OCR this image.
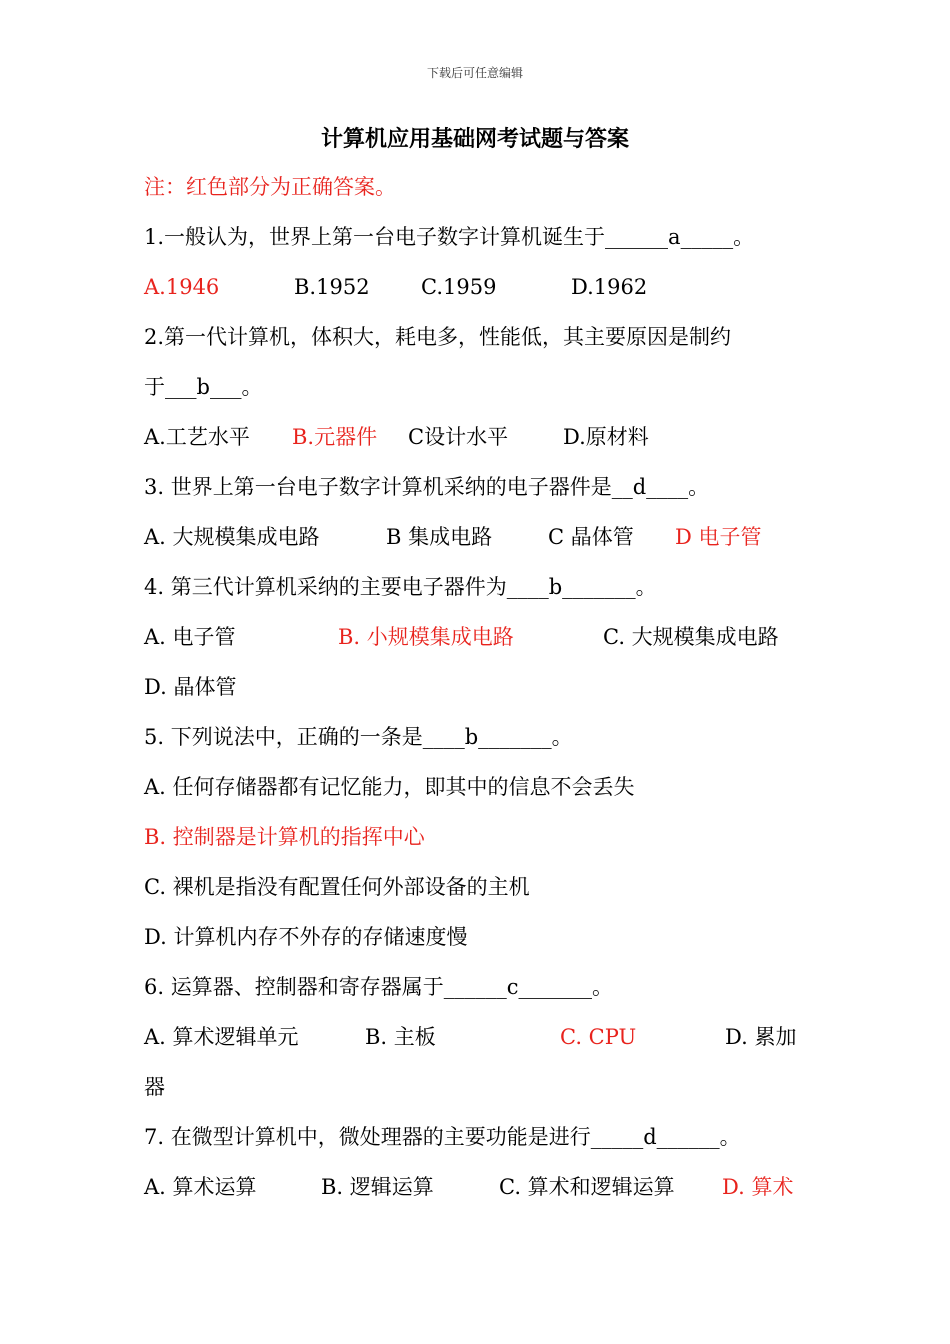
下载后可任意编辑
计算机应用基础网考试题与答案
注：红色部分为正确答案。
1.一般认为，世界上第一台电子数字计算机诞生于______a_____。
A.1946	B.1952 C.1959	D.1962
2.第一代计算机，体积大，耗电多，性能低，其主要原因是制约
于___b___。
A.工艺水平 B.元器件 C设计水平	D.原材料
3. 世界上第一台电子数字计算机采纳的电子器件是__d____。
A. 大规模集成电路	B 集成电路	C 晶体管 D 电子管
4. 第三代计算机采纳的主要电子器件为____b_______。
A. 电子管	B. 小规模集成电路	C. 大规模集成电路
D. 晶体管
5. 下列说法中，正确的一条是____b_______。
A. 任何存储器都有记忆能力，即其中的信息不会丢失
B. 控制器是计算机的指挥中心
C. 裸机是指没有配置任何外部设备的主机
D. 计算机内存不外存的存储速度慢
6. 运算器、控制器和寄存器属于______c_______。
A. 算术逻辑单元	B. 主板	C. CPU	D. 累加
器
7. 在微型计算机中，微处理器的主要功能是进行_____d______。
A. 算术运算	B. 逻辑运算	C. 算术和逻辑运算 D. 算术
